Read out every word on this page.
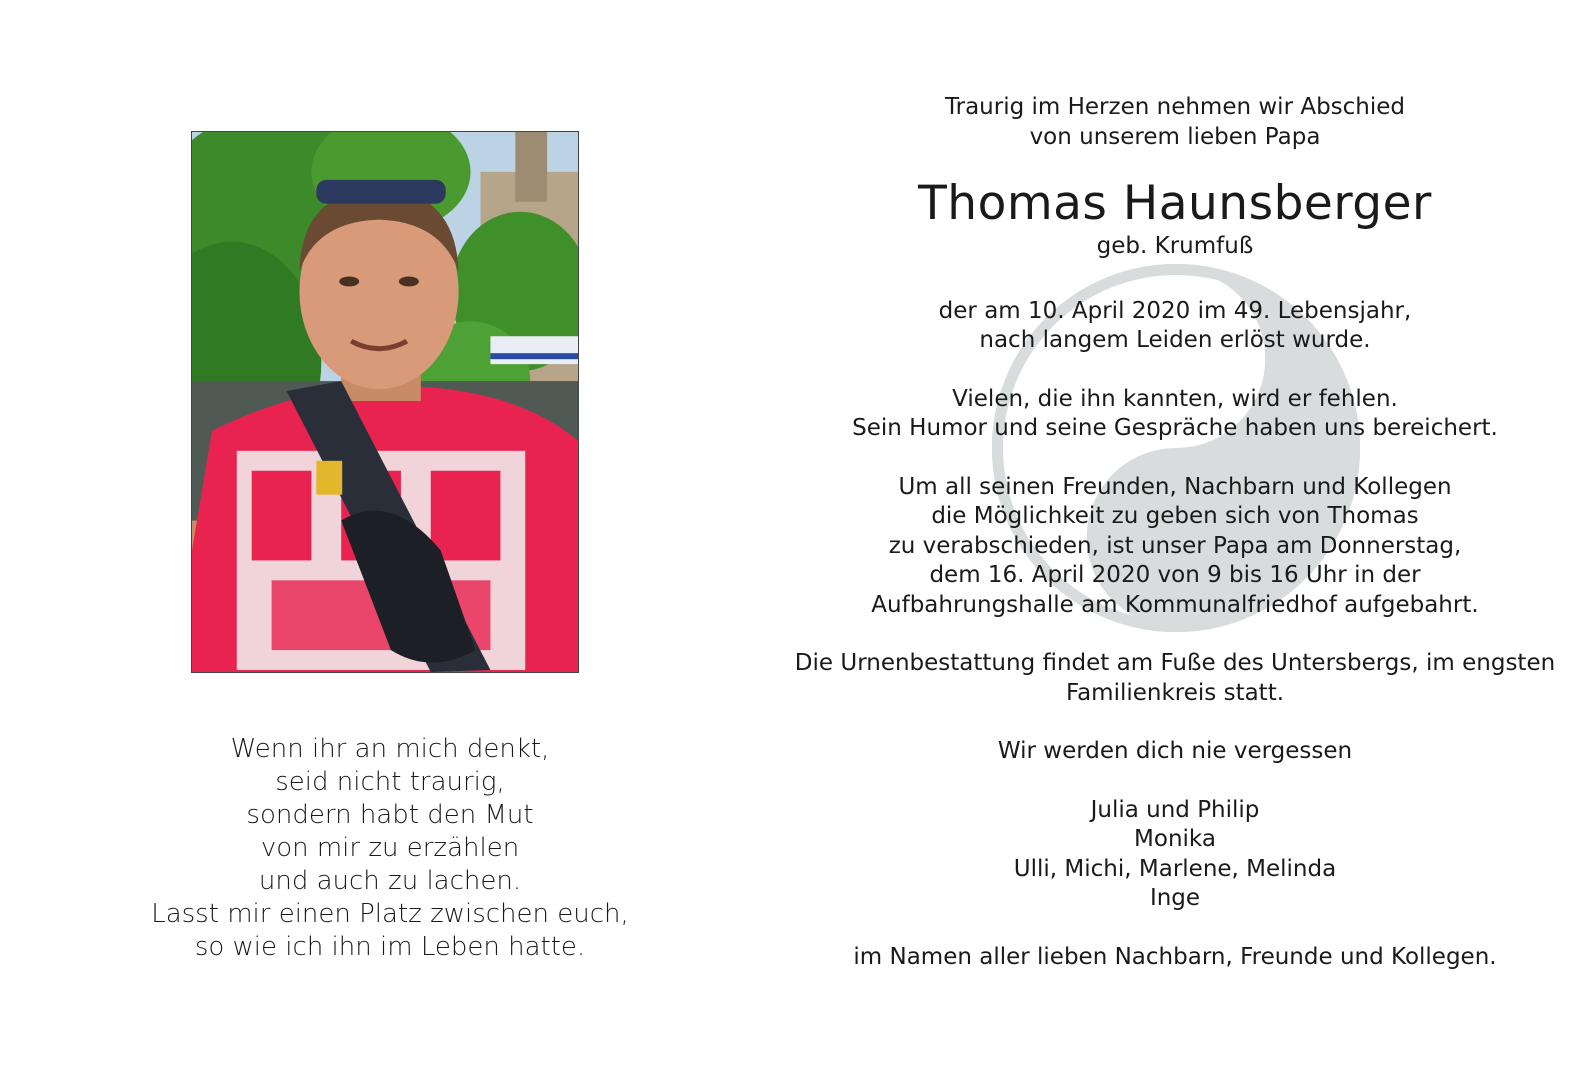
Wenn ihr an mich denkt,
seid nicht traurig,
sondern habt den Mut
von mir zu erzählen
und auch zu lachen.
Lasst mir einen Platz zwischen euch,
so wie ich ihn im Leben hatte.
Traurig im Herzen nehmen wir Abschied
von unserem lieben Papa
Thomas Haunsberger
geb. Krumfuß
der am 10. April 2020 im 49. Lebensjahr,
nach langem Leiden erlöst wurde.
Vielen, die ihn kannten, wird er fehlen.
Sein Humor und seine Gespräche haben uns bereichert.
Um all seinen Freunden, Nachbarn und Kollegen
die Möglichkeit zu geben sich von Thomas
zu verabschieden, ist unser Papa am Donnerstag,
dem 16. April 2020 von 9 bis 16 Uhr in der
Aufbahrungshalle am Kommunalfriedhof aufgebahrt.
Die Urnenbestattung findet am Fuße des Untersbergs, im engsten
Familienkreis statt.
Wir werden dich nie vergessen
Julia und Philip
Monika
Ulli, Michi, Marlene, Melinda
Inge
im Namen aller lieben Nachbarn, Freunde und Kollegen.
